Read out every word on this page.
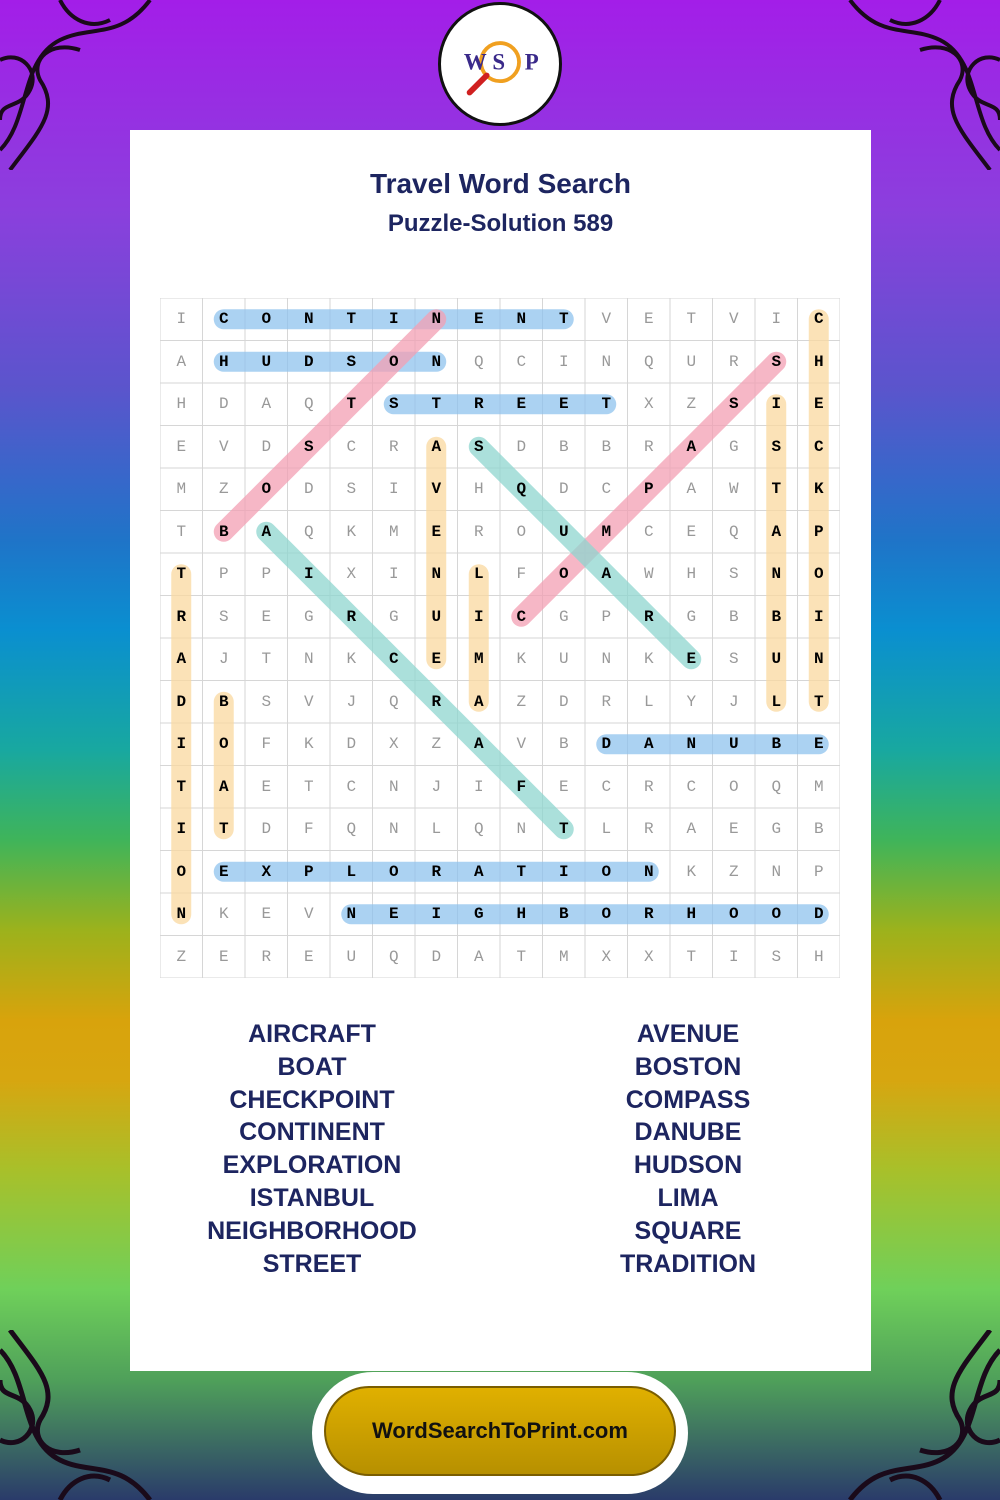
W S P
Travel Word Search
Puzzle-Solution 589
I	C	O	N	T	I	N	E	N	T	V	E	T	V	I	C
A	H	U	D	S	O	N	Q	C	I	N	Q	U	R	S	H
H	D	A	Q	T	S	T	R	E	E	T	X	Z	S	I	E
E	V	D	S	C	R	A	S	D	B	B	R	A	G	S	C
M	Z	O	D	S	I	V	H	Q	D	C	P	A	W	T	K
T	B	A	Q	K	M	E	R	O	U	M	C	E	Q	A	P
T	P	P	I	X	I	N	L	F	O	A	W	H	S	N	O
R	S	E	G	R	G	U	I	C	G	P	R	G	B	B	I
A	J	T	N	K	C	E	M	K	U	N	K	E	S	U	N
D	B	S	V	J	Q	R	A	Z	D	R	L	Y	J	L	T
I	O	F	K	D	X	Z	A	V	B	D	A	N	U	B	E
T	A	E	T	C	N	J	I	F	E	C	R	C	O	Q	M
I	T	D	F	Q	N	L	Q	N	T	L	R	A	E	G	B
O	E	X	P	L	O	R	A	T	I	O	N	K	Z	N	P
N	K	E	V	N	E	I	G	H	B	O	R	H	O	O	D
Z	E	R	E	U	Q	D	A	T	M	X	X	T	I	S	H
AIRCRAFT
BOAT
CHECKPOINT
CONTINENT
EXPLORATION
ISTANBUL
NEIGHBORHOOD
STREET
AVENUE
BOSTON
COMPASS
DANUBE
HUDSON
LIMA
SQUARE
TRADITION
WordSearchToPrint.com
